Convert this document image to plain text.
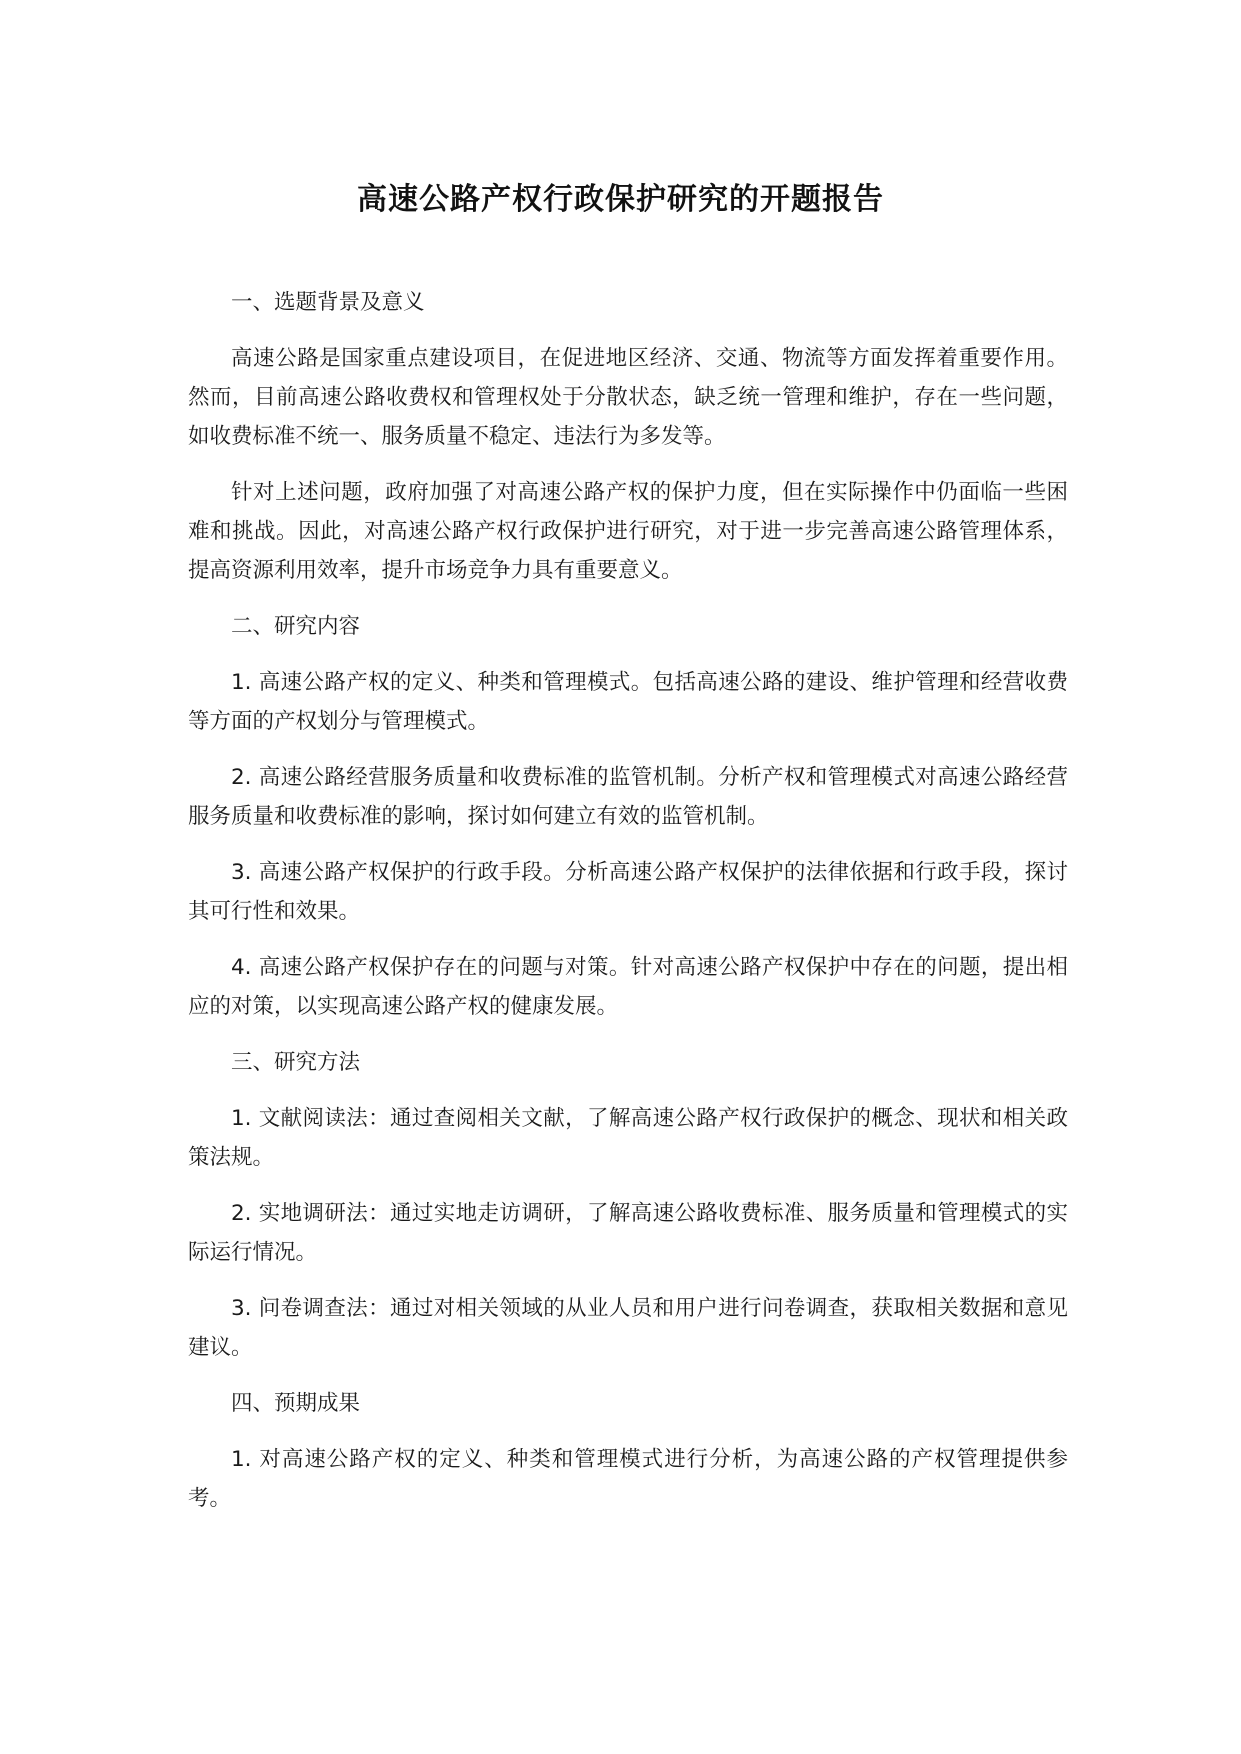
高速公路产权行政保护研究的开题报告

一、选题背景及意义

高速公路是国家重点建设项目，在促进地区经济、交通、物流等方面发挥着重要作用。然而，目前高速公路收费权和管理权处于分散状态，缺乏统一管理和维护，存在一些问题，如收费标准不统一、服务质量不稳定、违法行为多发等。

针对上述问题，政府加强了对高速公路产权的保护力度，但在实际操作中仍面临一些困难和挑战。因此，对高速公路产权行政保护进行研究，对于进一步完善高速公路管理体系，提高资源利用效率，提升市场竞争力具有重要意义。

二、研究内容

1. 高速公路产权的定义、种类和管理模式。包括高速公路的建设、维护管理和经营收费等方面的产权划分与管理模式。

2. 高速公路经营服务质量和收费标准的监管机制。分析产权和管理模式对高速公路经营服务质量和收费标准的影响，探讨如何建立有效的监管机制。

3. 高速公路产权保护的行政手段。分析高速公路产权保护的法律依据和行政手段，探讨其可行性和效果。

4. 高速公路产权保护存在的问题与对策。针对高速公路产权保护中存在的问题，提出相应的对策，以实现高速公路产权的健康发展。

三、研究方法

1. 文献阅读法：通过查阅相关文献，了解高速公路产权行政保护的概念、现状和相关政策法规。

2. 实地调研法：通过实地走访调研，了解高速公路收费标准、服务质量和管理模式的实际运行情况。

3. 问卷调查法：通过对相关领域的从业人员和用户进行问卷调查，获取相关数据和意见建议。

四、预期成果

1. 对高速公路产权的定义、种类和管理模式进行分析，为高速公路的产权管理提供参考。
